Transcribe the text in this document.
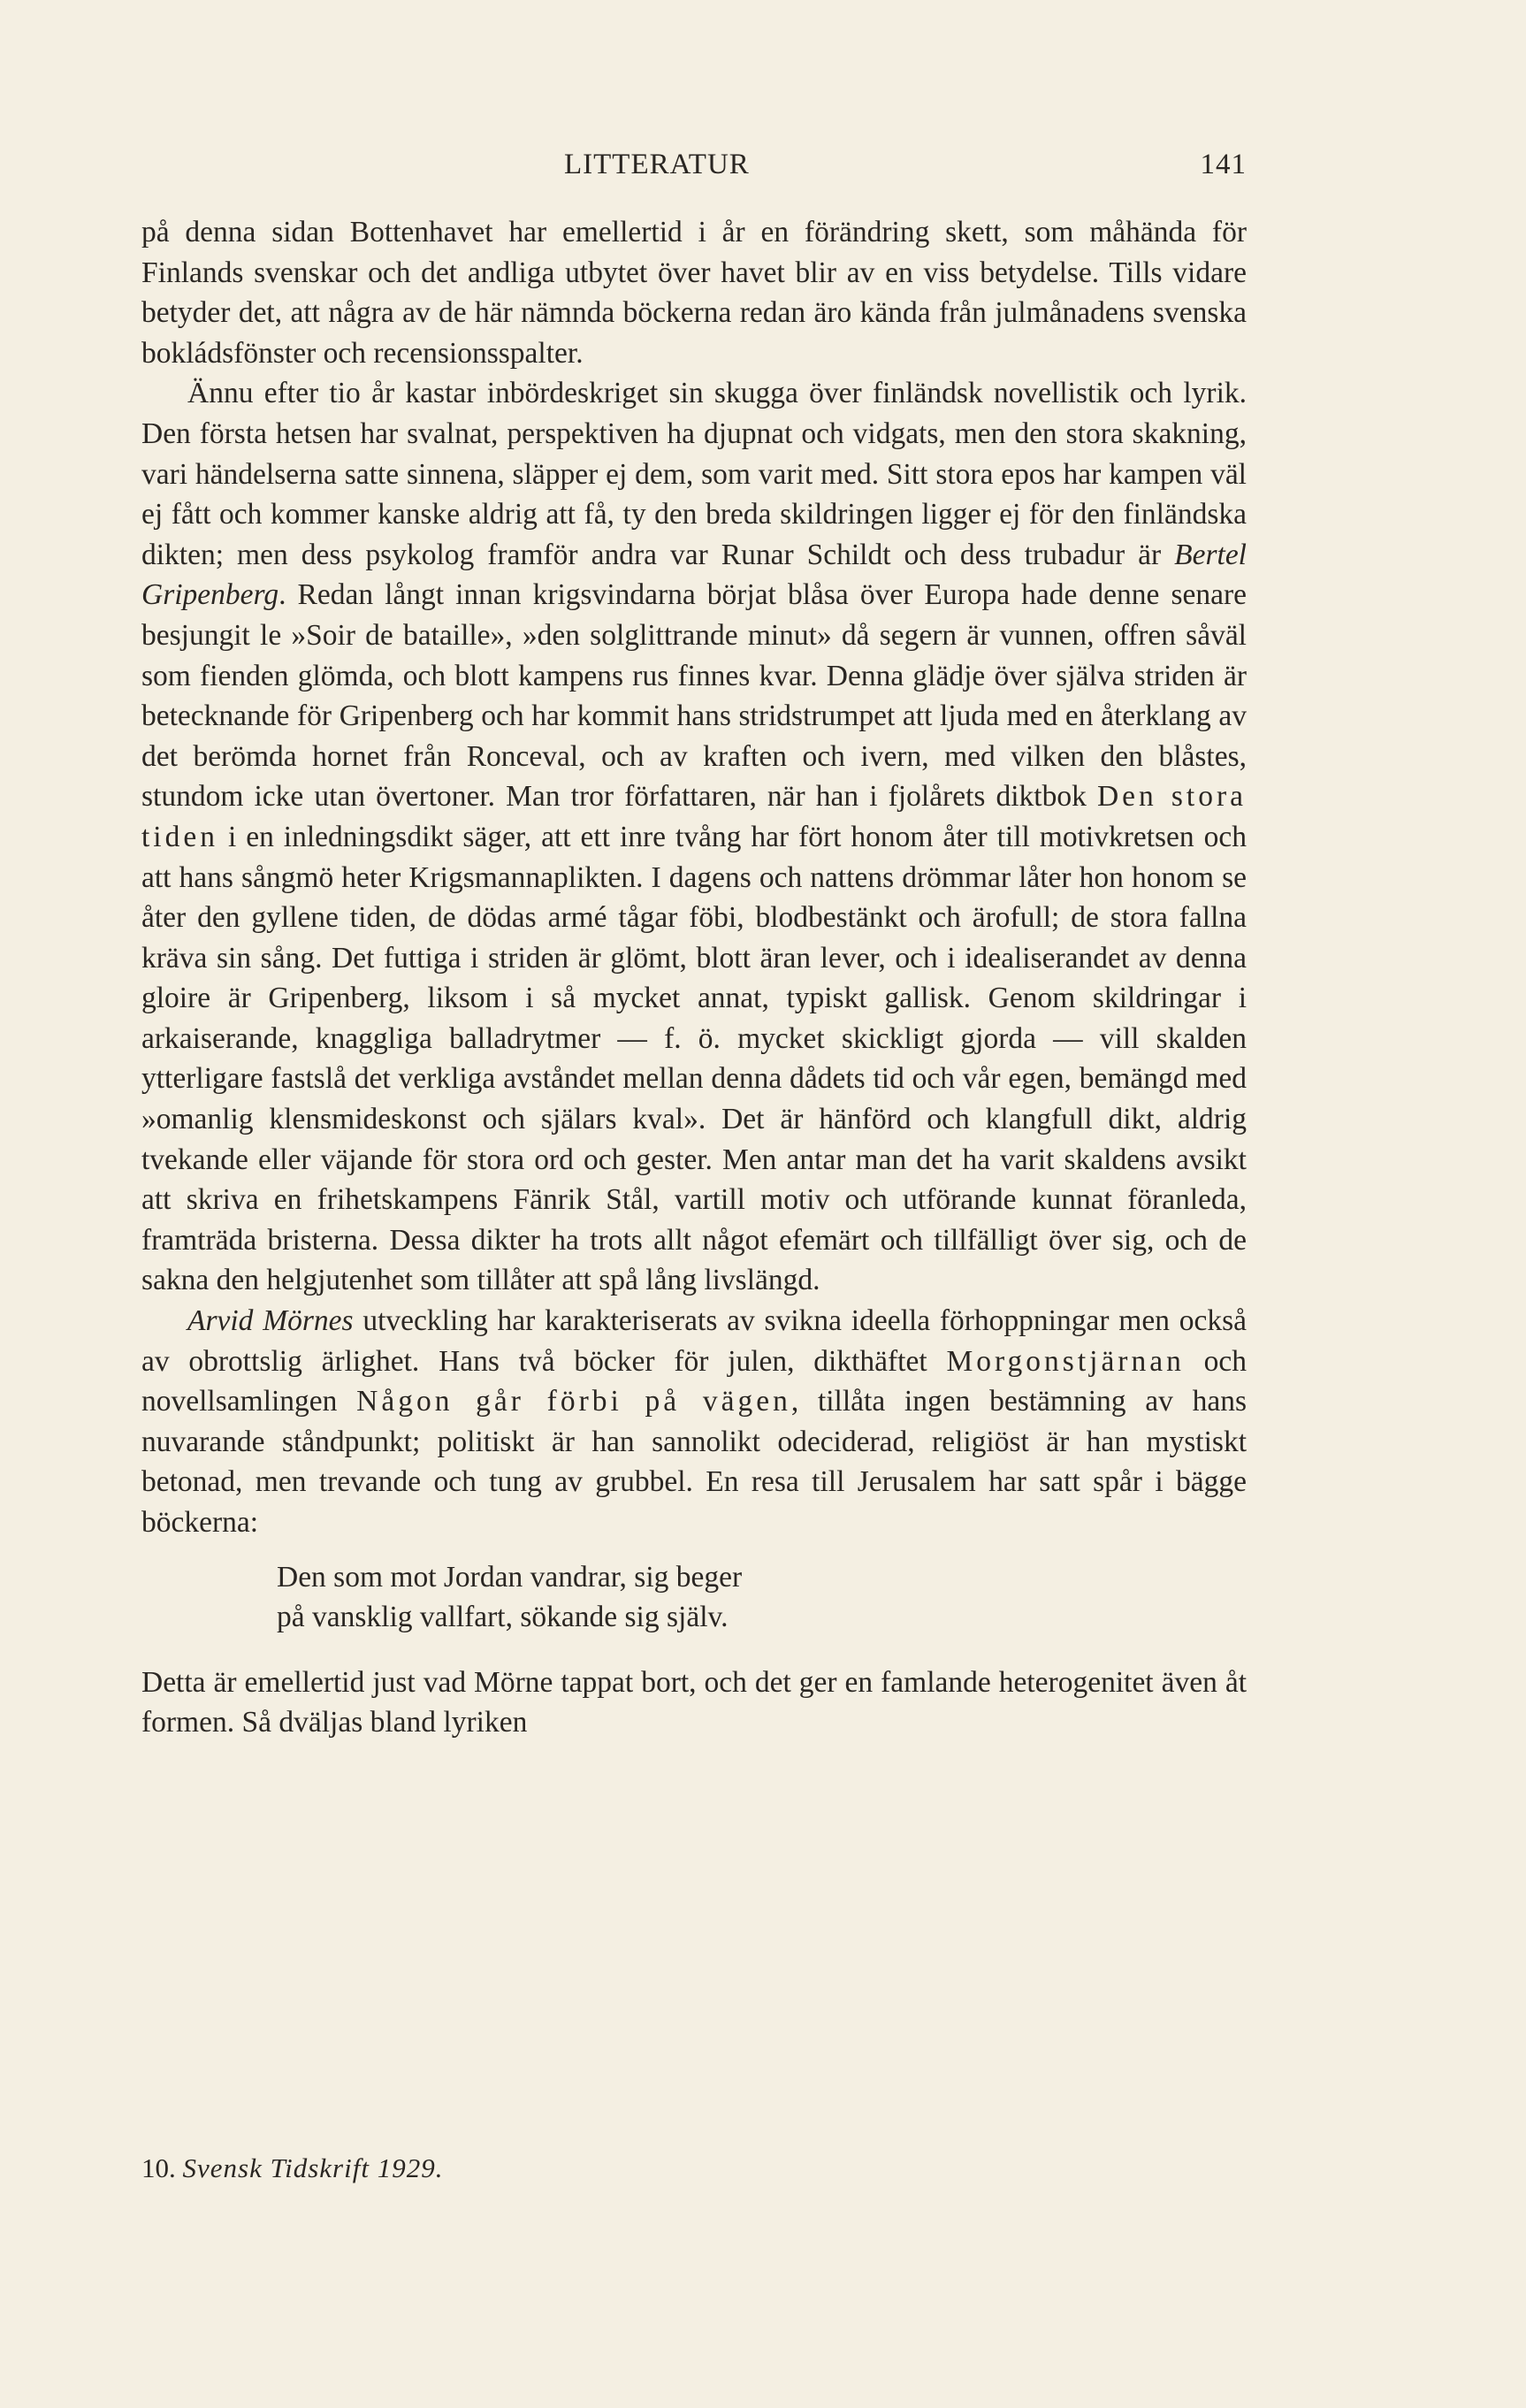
LITTERATUR	141

på denna sidan Bottenhavet har emellertid i år en förändring skett, som måhända för Finlands svenskar och det andliga utbytet över havet blir av en viss betydelse. Tills vidare betyder det, att några av de här nämnda böckerna redan äro kända från julmånadens svenska bokládsfönster och recensionsspalter.

Ännu efter tio år kastar inbördeskriget sin skugga över finländsk novellistik och lyrik. Den första hetsen har svalnat, perspektiven ha djupnat och vidgats, men den stora skakning, vari händelserna satte sinnena, släpper ej dem, som varit med. Sitt stora epos har kampen väl ej fått och kommer kanske aldrig att få, ty den breda skildringen ligger ej för den finländska dikten; men dess psykolog framför andra var Runar Schildt och dess trubadur är Bertel Gripenberg. Redan långt innan krigsvindarna börjat blåsa över Europa hade denne senare besjungit le »Soir de bataille», »den solglittrande minut» då segern är vunnen, offren såväl som fienden glömda, och blott kampens rus finnes kvar. Denna glädje över själva striden är betecknande för Gripenberg och har kommit hans stridstrumpet att ljuda med en återklang av det berömda hornet från Ronceval, och av kraften och ivern, med vilken den blåstes, stundom icke utan övertoner. Man tror författaren, när han i fjolårets diktbok Den stora tiden i en inledningsdikt säger, att ett inre tvång har fört honom åter till motivkretsen och att hans sångmö heter Krigsmannaplikten. I dagens och nattens drömmar låter hon honom se åter den gyllene tiden, de dödas armé tågar föbi, blodbestänkt och ärofull; de stora fallna kräva sin sång. Det futtiga i striden är glömt, blott äran lever, och i idealiserandet av denna gloire är Gripenberg, liksom i så mycket annat, typiskt gallisk. Genom skildringar i arkaiserande, knaggliga balladrytmer — f. ö. mycket skickligt gjorda — vill skalden ytterligare fastslå det verkliga avståndet mellan denna dådets tid och vår egen, bemängd med »omanlig klensmideskonst och själars kval». Det är hänförd och klangfull dikt, aldrig tvekande eller väjande för stora ord och gester. Men antar man det ha varit skaldens avsikt att skriva en frihetskampens Fänrik Stål, vartill motiv och utförande kunnat föranleda, framträda bristerna. Dessa dikter ha trots allt något efemärt och tillfälligt över sig, och de sakna den helgjutenhet som tillåter att spå lång livslängd.

Arvid Mörnes utveckling har karakteriserats av svikna ideella förhoppningar men också av obrottslig ärlighet. Hans två böcker för julen, dikthäftet Morgonstjärnan och novellsamlingen Någon går förbi på vägen, tillåta ingen bestämning av hans nuvarande ståndpunkt; politiskt är han sannolikt odeciderad, religiöst är han mystiskt betonad, men trevande och tung av grubbel. En resa till Jerusalem har satt spår i bägge böckerna:

Den som mot Jordan vandrar, sig beger
på vansklig vallfart, sökande sig själv.

Detta är emellertid just vad Mörne tappat bort, och det ger en famlande heterogenitet även åt formen. Så dväljas bland lyriken

10. Svensk Tidskrift 1929.
